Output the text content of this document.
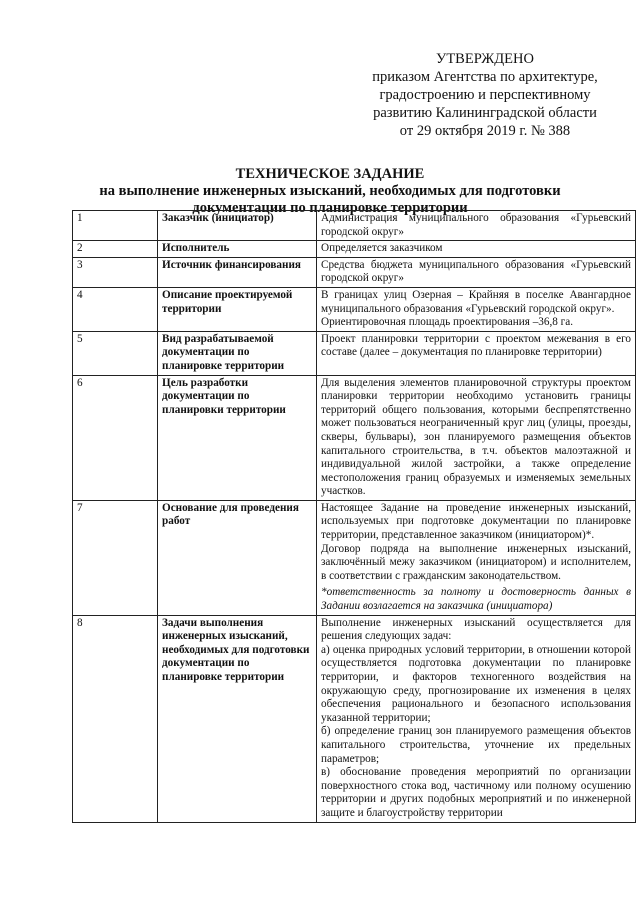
УТВЕРЖДЕНО
приказом Агентства по архитектуре,
градостроению и перспективному
развитию Калининградской области
от 29 октября 2019 г. № 388
ТЕХНИЧЕСКОЕ ЗАДАНИЕ
на выполнение инженерных изысканий, необходимых для подготовки
документации по планировке территории
1	Заказчик (инициатор)	Администрация муниципального образования «Гурьевский городской округ»

2	Исполнитель	Определяется заказчиком

3	Источник финансирования	Средства бюджета муниципального образования «Гурьевский городской округ»

4	Описание проектируемой территории	В границах улиц Озерная – Крайняя в поселке Авангардное муниципального образования «Гурьевский городской округ».

Ориентировочная площадь проектирования –36,8 га.

5	Вид разрабатываемой документации по планировке территории	Проект планировки территории с проектом межевания в его составе (далее – документация по планировке территории)

6	Цель разработки документации по планировки территории	Для выделения элементов планировочной структуры проектом планировки территории необходимо установить границы территорий общего пользования, которыми беспрепятственно может пользоваться неограниченный круг лиц (улицы, проезды, скверы, бульвары), зон планируемого размещения объектов капитального строительства, в т.ч. объектов малоэтажной и индивидуальной жилой застройки, а также определение местоположения границ образуемых и изменяемых земельных участков.

7	Основание для проведения работ	Настоящее Задание на проведение инженерных изысканий, используемых при подготовке документации по планировке территории, представленное заказчиком (инициатором)*.

Договор подряда на выполнение инженерных изысканий, заключённый межу заказчиком (инициатором) и исполнителем, в соответствии с гражданским законодательством.

*ответственность за полноту и достоверность данных в Задании возлагается на заказчика (инициатора)

8	Задачи выполнения инженерных изысканий, необходимых для подготовки документации по планировке территории	Выполнение инженерных изысканий осуществляется для решения следующих задач:

а) оценка природных условий территории, в отношении которой осуществляется подготовка документации по планировке территории, и факторов техногенного воздействия на окружающую среду, прогнозирование их изменения в целях обеспечения рационального и безопасного использования указанной территории;

б) определение границ зон планируемого размещения объектов капитального строительства, уточнение их предельных параметров;

в) обоснование проведения мероприятий по организации поверхностного стока вод, частичному или полному осушению территории и других подобных мероприятий и по инженерной защите и благоустройству территории
